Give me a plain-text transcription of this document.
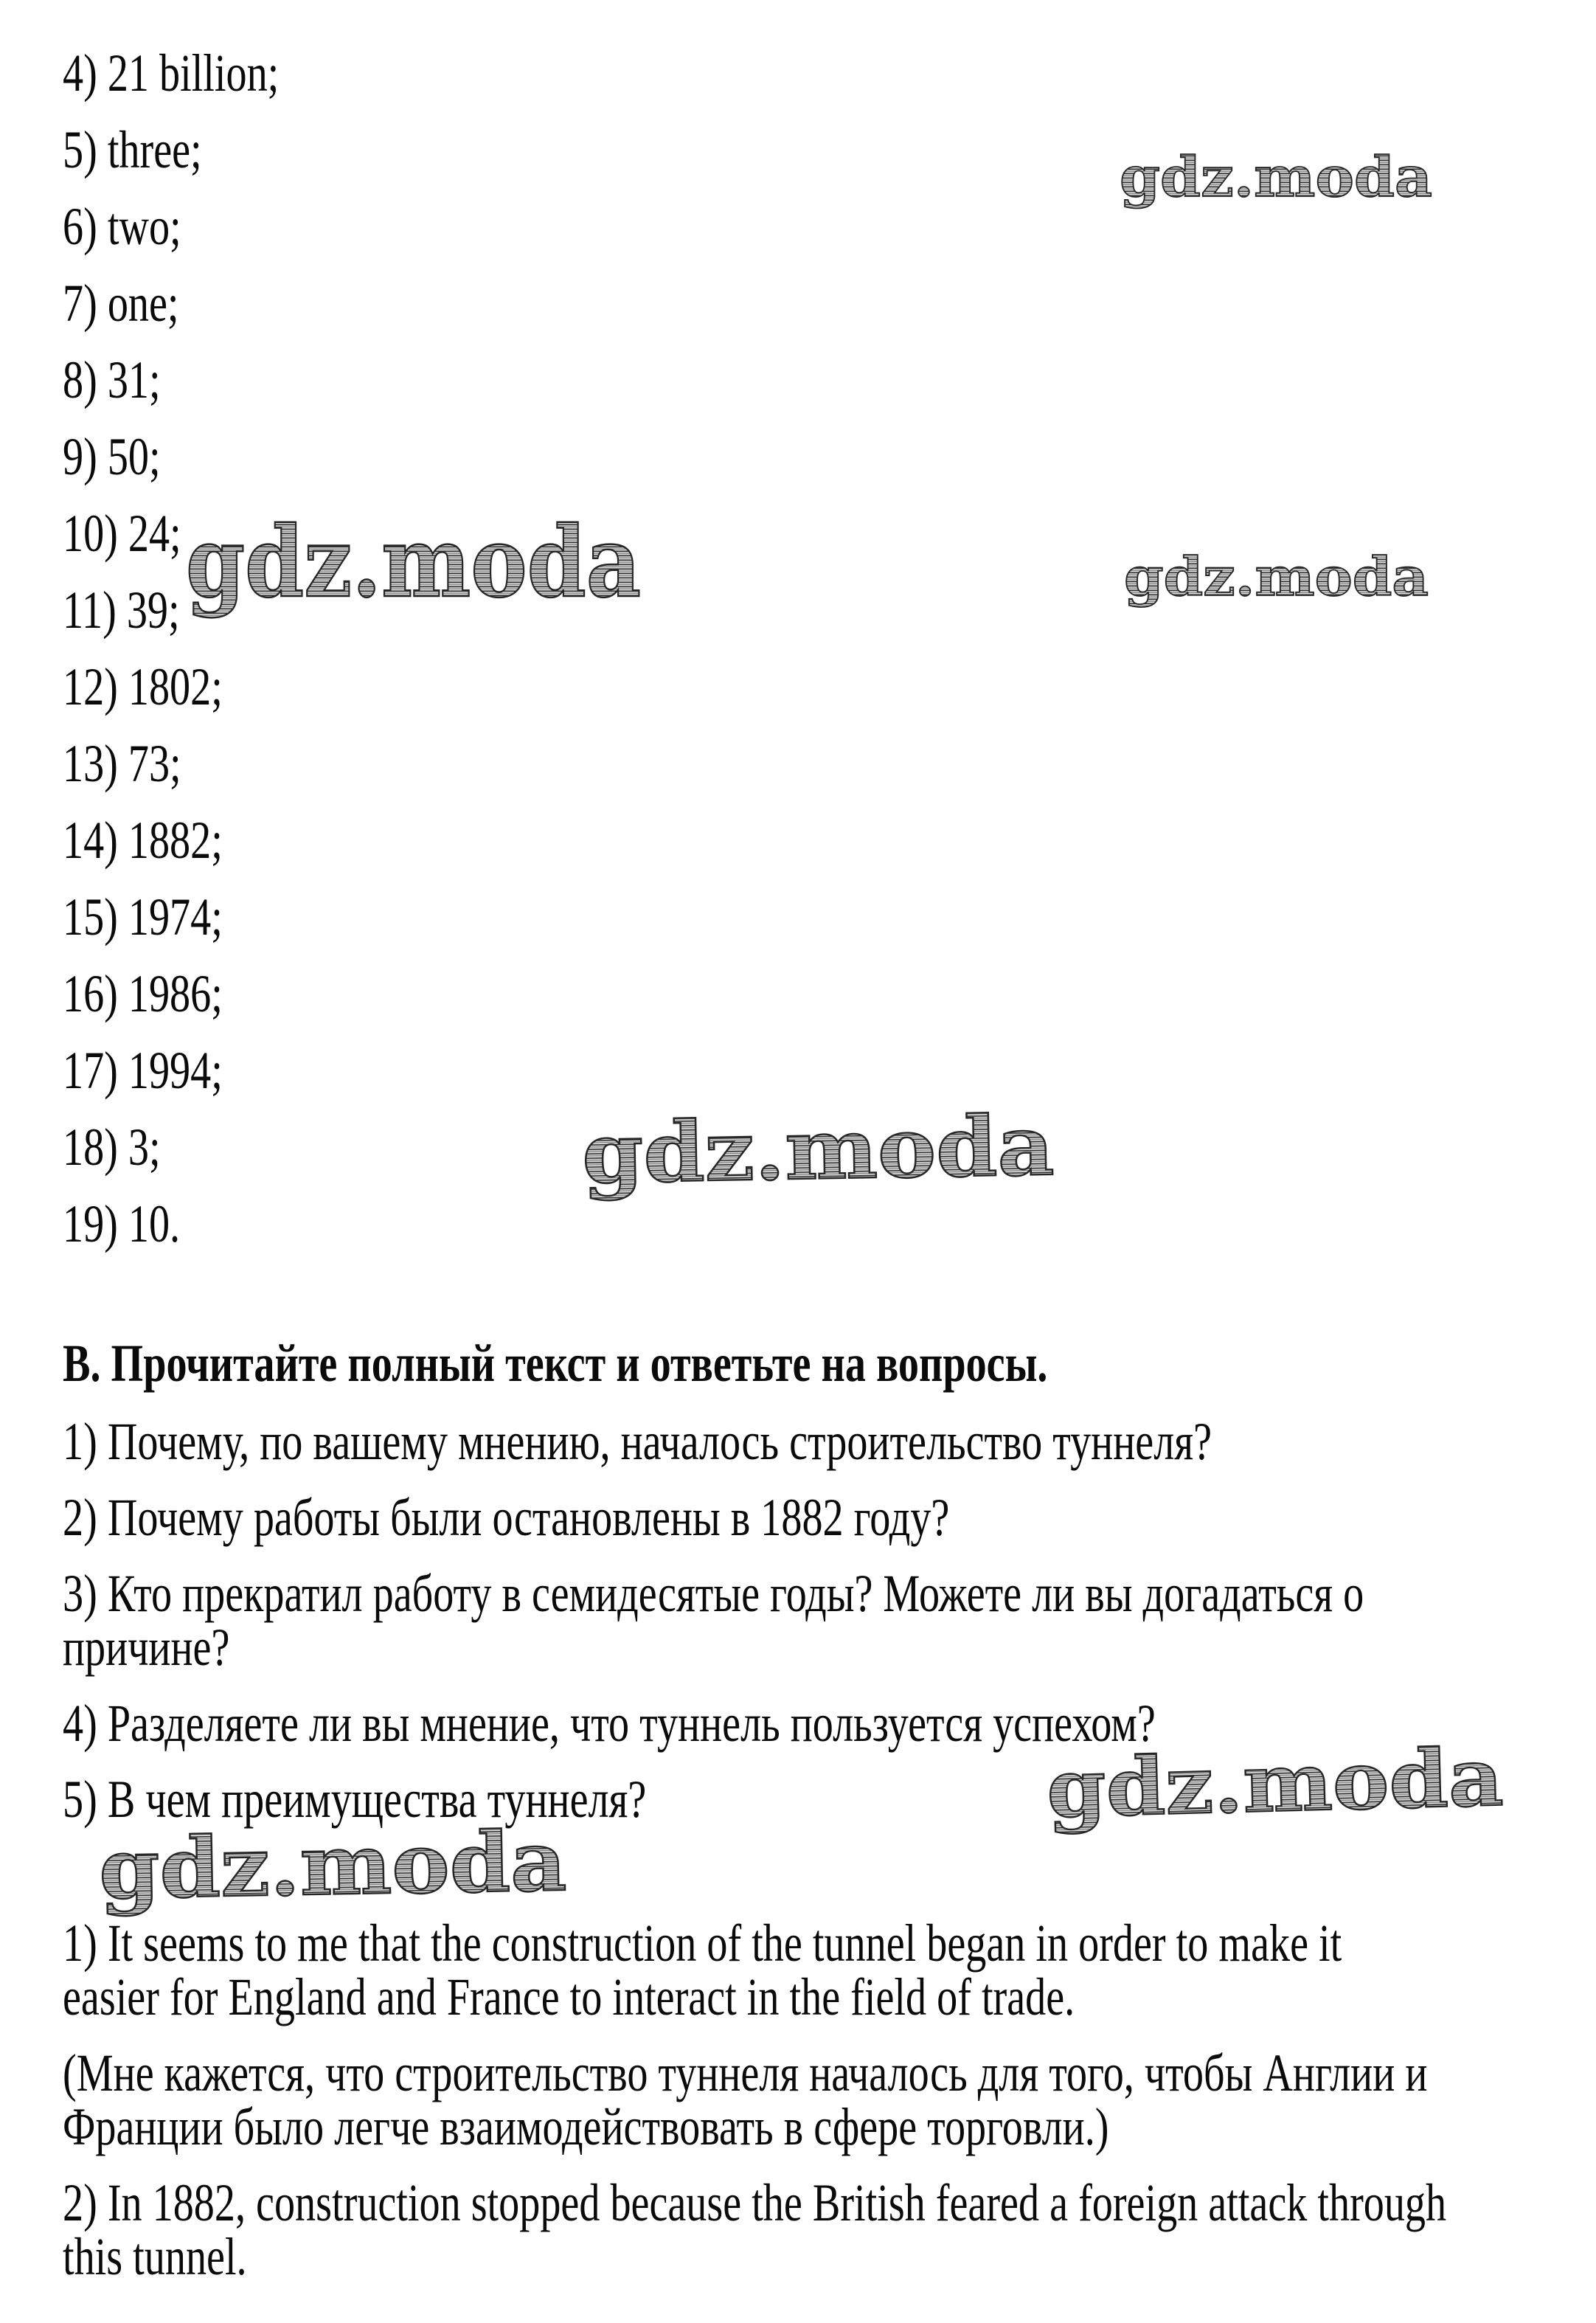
gdz.moda
gdz.moda	gdz.moda
gdz.moda
gdz.moda
gdz.moda
4) 21 billion;
5) three;
6) two;
7) one;
8) 31;
9) 50;
10) 24;
11) 39;
12) 1802;
13) 73;
14) 1882;
15) 1974;
16) 1986;
17) 1994;
18) 3;
19) 10.
В. Прочитайте полный текст и ответьте на вопросы.

1) Почему, по вашему мнению, началось строительство туннеля?

2) Почему работы были остановлены в 1882 году?

3) Кто прекратил работу в семидесятые годы? Можете ли вы догадаться о
причине?

4) Разделяете ли вы мнение, что туннель пользуется успехом?

5) В чем преимущества туннеля?

1) It seems to me that the construction of the tunnel began in order to make it
easier for England and France to interact in the field of trade.

(Мне кажется, что строительство туннеля началось для того, чтобы Англии и
Франции было легче взаимодействовать в сфере торговли.)

2) In 1882, construction stopped because the British feared a foreign attack through
this tunnel.
